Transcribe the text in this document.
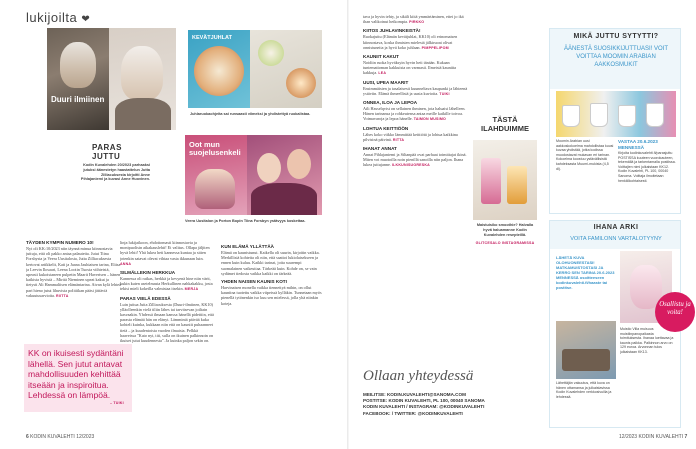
lukijoilta ❤
Duuri ilmiinen
PARAS JUTTU
Kodin Kuvalehden 20/2023 parhaaksi jutuksi äänestetyn haastattelun Jutta Zilliacuksesta kirjoitti Anne Pihlajaniemi ja kuvasi Anne Huovinen.
KEVÄTJUHLAT
Juhlaruokaohjeita sai runsaasti viimeksi ja yhdistettyä ruokalistaa.
Oot mun suojelusenkeli
Veera Uusitalon ja Porton Bopin Tiina Forsbyn ystävyys koskettaa.
TÄYDEN KYMPIN NUMERO 10!
Nyt oli KK:10/2023 niin täynnä minua kiinnostavia juttuja, että oli pakko antaa palautetta. Jutut Tiina Forsbysta ja Veera Uusitalosta, Jutta Zilliacuksesta kertovat artikkelit, Kati ja Jaana Jauhiaisen tarina, Eliisa ja Leevin Ilosaari, Leena Lootin Tuosta viihteistä, upeasti kukoistaneen pulpetin Maarit Haverisen – hänen kaikista hyvistä – Mirttä Nieminen upeat kakut ja tietysti Ali Hammaliisen elämäntarina. Aivan kylä lehteä pari hieno jutut lihuvista politiikan pääsi jättäviä vakuutusarvioita. RIITTA
KK on ikuisesti sydäntäni lähellä. Sen jutut antavat mahdollisuuden kehittää itseään ja inspiroitua. Lehdessä on lämpöä.
– TUIKI
linja lukijaikoon, ehdottomasti kiinnostavia ja monipuolisin aikakauslehti! Ei valitus. Ollapa jäljiten hyvä lehti! Yhä lukea heti kannessa kuntaa ja sitten jotenkin satavat olevat vihtaa vasta ikkunaan luin. ANNA
SILMÄLLEKIN HERKKUA
Kannessa oli raikas, herkkä ja kevyenä hine niin värit, kukin kuten asetelmasta Herkullinen nahkakakku, josta tekisi mieli kokeilla valmistaa itsekin. MERJA
PARAS VIELÄ EDESSÄ
Luin juttua Jutta Zilliacuksesta (Duuri-ilmiinen, KK10) ylläolleenkin vielä tiliin lähes tai tarvitsevan joiltain kasvaakin. Yhdessä ilmaan kanssa hänellä pidettiin, että parasta elämää hän on elänyt. Lämmintä päivää kuka kohteli kuinka, kukkaan niin että on kauniit puhaanneet tietä – ja kuudentoista vuoden ilmaisia. Pelkkä haaveissa "Kato nyt, titi, sulla on ikuinen palkinnoin on ikuiset jutut kuudennesta". Ja kuinka paljon sekin on.
KUN ELÄMÄ YLLÄTTÄÄ
Elämä on kaunistunut. Kaikella oli suurin, kirjoitin vaikka. Merkillisiä kohteita oli niin, että saattoi lukiolaisekseen ja ennen kuin kuluu. Kaikki tarinat, joita suurempi suomalainen vaikeuttaa. Tärkeää kuin. Kohde on, se vain sydämet tiedosta vaikka kaikki on tärkeää.
YHDEN NAISEN KAUNIS KOTI
Harvinaisen monella vaikka tiennettyä mihin, on ollut kauniina tuotettu vaikka viipeissä kylläkin. Tunnetaan myös pienellä tytönenkin iso kuu sen mielessä, jolla yhä niinkin koteja.
6 KODIN KUVALEHTI 12/2023
tava ja hyvin tehty, ja sikäli kiitä ymmärtäminen, ettei jo ikä ihan valikoinut heikompia. PIRKKO
KIITOS JUHLAVINKEISTÄ!
Ruokajuttu (Elämän kevätjuhlat, KK10) oli erinomaisen kiinnostava, koska ihmisten mielestä jälkiruoat olivat onnistuneita ja hyvä koko juhlaan. PIMPPELIPOM
KAUNIIT KAKUT
Noidiin ruoka hyväksyin hyvin heti tänään. Kukaan tuntemattoman kakkuista on varmasti. Ilmeistä kauniita kakkuja. LEA
UUSI, UPEA MAARIT
Ensimmäisten ja tasalaisesti kuunneltava kaupunki ja lähteenä ystäviin. Elämä ihmeellistä ja uusia kuvioita. TUIKI
ONNEA, ILOA JA LEPOA
Aili Hasselqvist on sellainen ihminen, jota haluaisi lähelleen. Hänen tarinansa ja rohkeutensa antaa meille kaikille toivoa. Voimavaroja ja lepoa hänelle. TAIMON MUSIMO
LOHTUA KEITTIÖÖN
Lähes koko viikko lämmittää keittiötä ja lohtua kaikkina pilvisinä päivinä. RITTA
IHANAT ANNAT
Annat Pihlajaniemi ja Siltanpää ovat parhaat toimittajat ikinä. Miten voi muotoilla noin pienillä sanoilla niin paljon. Ihana lukea juttujanne. ILKKUNISUORESKA
TÄSTÄ ILAHDUIMME
Maistuisiko smoothie? Halvalla hyvä haluamanne Kodin Kuvalehden resepteillä.
GLITCESALO INSTAGRAMISSA
Ollaan yhteydessä
MEILITSE: KODIN.KUVALEHTI@SANOMA.COM
POSTITSE: KODIN KUVALEHTI, PL 100, 00040 SANOMA
KODIN KUVALEHTI / INSTAGRAM: @KODINKUVALEHTI
FACEBOOK: / TWITTER: @KODINKUVALEHTI
MIKÄ JUTTU SYTYTTI?
ÄÄNESTÄ SUOSIKKIJUTTUASI! VOIT VOITTAA MOOMIN ARABIAN AAKKOSMUKIT
Moomin Arabian uusi aakkoskokoelma mahdollistaa kuusi kuvaa yhdistää, jotka kodissa muodostavat mukavan eri tarinan. Kokoelma koostuu ystävällisistä kahdeksasta Muumi-mukista (4,5 dl).
VASTAA 20.6.2023 MENNESSÄ
Kirjoita kodinkuvalehti.fi/parasjuttu POSTISSA kuuteen vuorokauteen, tekemällä ja tarkentamalla postiissa. Voittajien nimi julkaistaan KK12. Kodin Kuvalehti, PL 100, 00040 Sanoma. Voittaja ilmoitetaan henkilökohtaisesti.
IHANA ARKI
VOITA FAMILONN VARTALOTYYNY
LÄHETÄ KUVA OLOHUONEESTASI! MATKAMUISTOSTASI JA KERRO SEN TARINA 20.6.2023 MENNESSÄ osoitteeseen kodinkuvalehti.fi/haaste tai postitse.
Lähettäjän vakuutus, että kuva on hänen ottamansa ja julkaistavissa Kodin Kuvalehden verkkosivuilla ja lehdessä.
Muistio Villa muisuus muistiinpanopaikasta toimituksesta. Ihanaa luettavaa ja kaunis paikka. Palkinnon arvo on 129 euroa. Arvonnan tulos julkaistaan KK13.
Osallistu ja voita!
12/2023 KODIN KUVALEHTI 7
